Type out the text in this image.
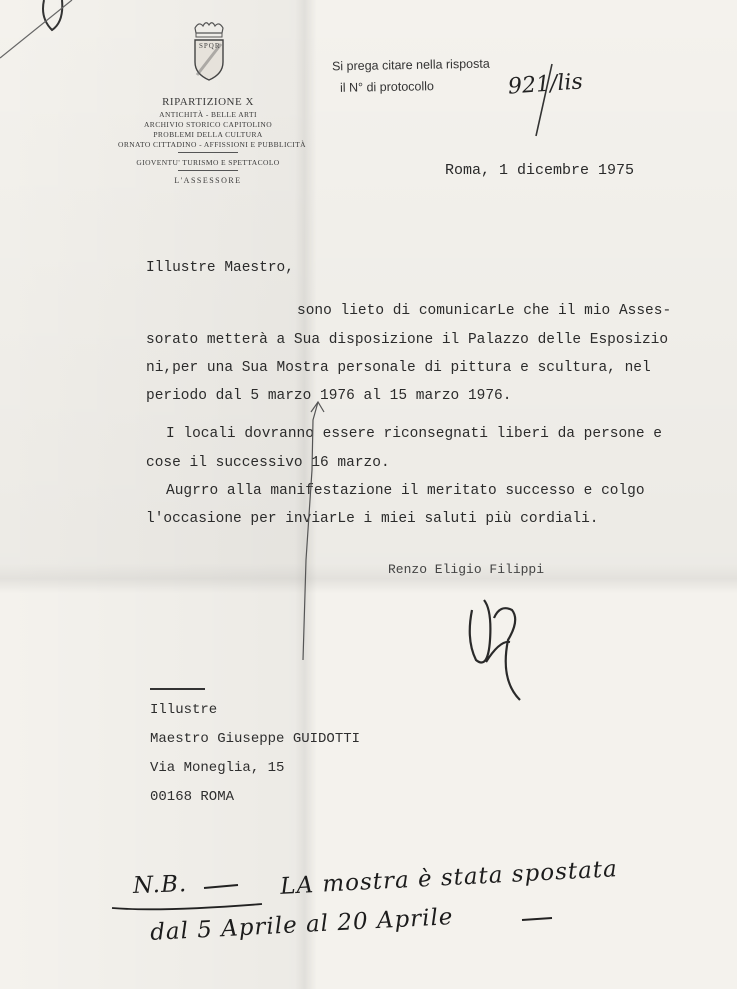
SPQR
RIPARTIZIONE X
ANTICHITÀ - BELLE ARTI
ARCHIVIO STORICO CAPITOLINO
PROBLEMI DELLA CULTURA
ORNATO CITTADINO - AFFISSIONI E PUBBLICITÀ
GIOVENTU' TURISMO E SPETTACOLO
L'ASSESSORE
Si prega citare nella risposta
il N° di protocollo	921/lis
Roma, 1 dicembre 1975
Illustre Maestro,
sono lieto di comunicarLe che il mio Asses-
sorato metterà a Sua disposizione il Palazzo delle Esposizio
ni,per una Sua Mostra personale di pittura e scultura, nel
periodo dal 5 marzo 1976 al 15 marzo 1976.
I locali dovranno essere riconsegnati liberi da persone e
cose il successivo 16 marzo.
Augrro alla manifestazione il meritato successo e colgo
l'occasione per inviarLe i miei saluti più cordiali.
Renzo Eligio Filippi
Illustre
Maestro Giuseppe GUIDOTTI
Via Moneglia, 15
00168 ROMA
N.B.	LA mostra è stata spostata
dal 5 Aprile al 20 Aprile
